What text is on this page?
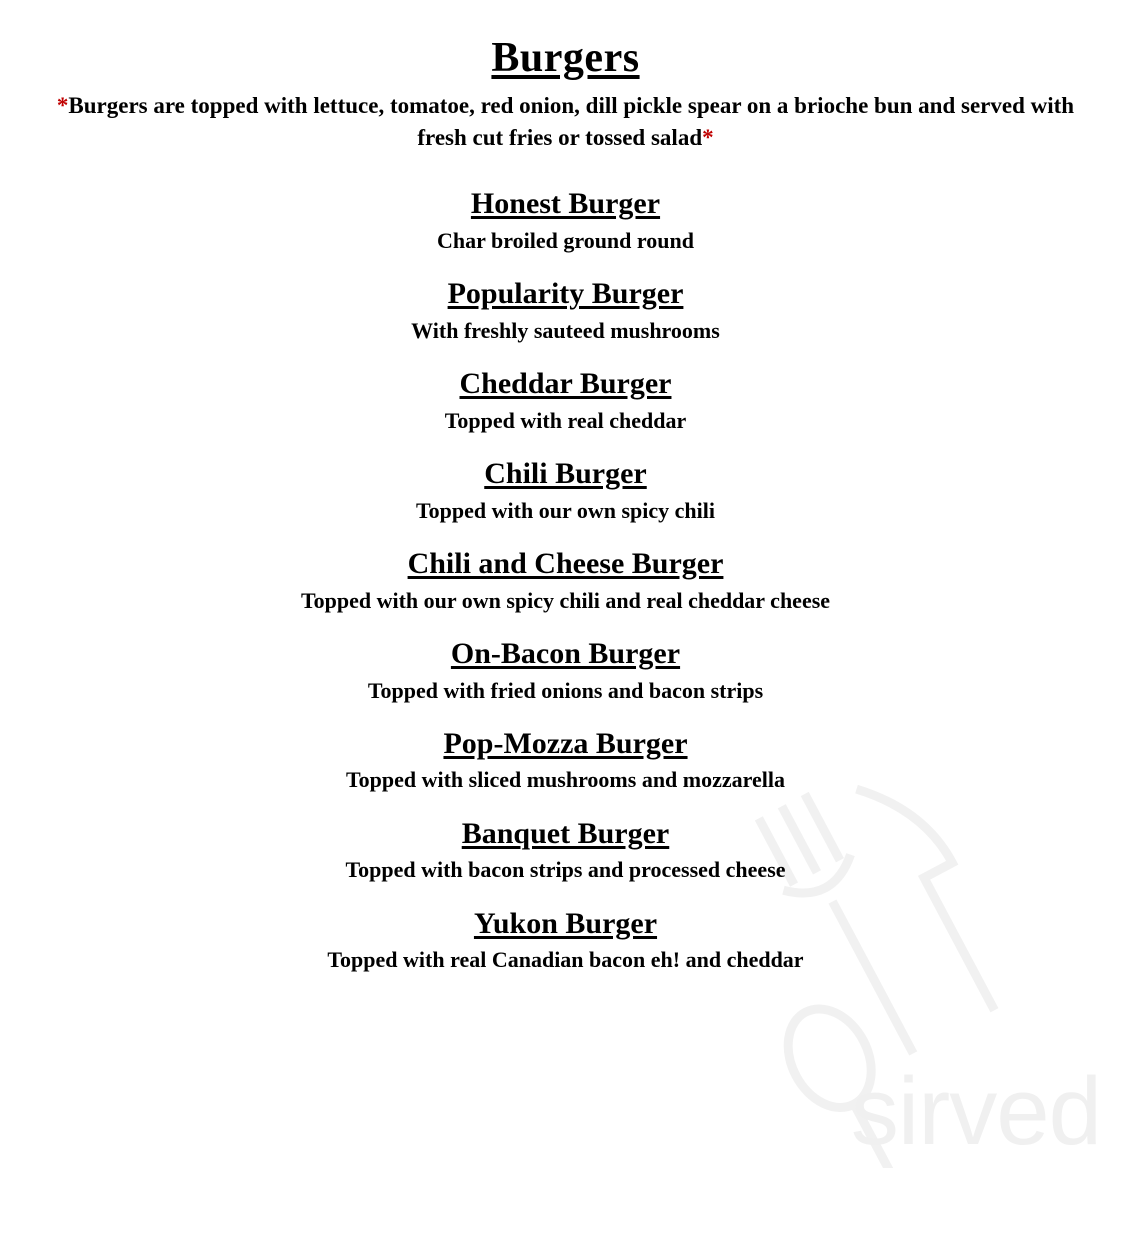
sirved
Burgers

*Burgers are topped with lettuce, tomatoe, red onion, dill pickle spear on a brioche bun and served with fresh cut fries or tossed salad*

Honest Burger
Char broiled ground round
Popularity Burger
With freshly sauteed mushrooms
Cheddar Burger
Topped with real cheddar
Chili Burger
Topped with our own spicy chili
Chili and Cheese Burger
Topped with our own spicy chili and real cheddar cheese
On-Bacon Burger
Topped with fried onions and bacon strips
Pop-Mozza Burger
Topped with sliced mushrooms and mozzarella
Banquet Burger
Topped with bacon strips and processed cheese
Yukon Burger
Topped with real Canadian bacon eh! and cheddar
